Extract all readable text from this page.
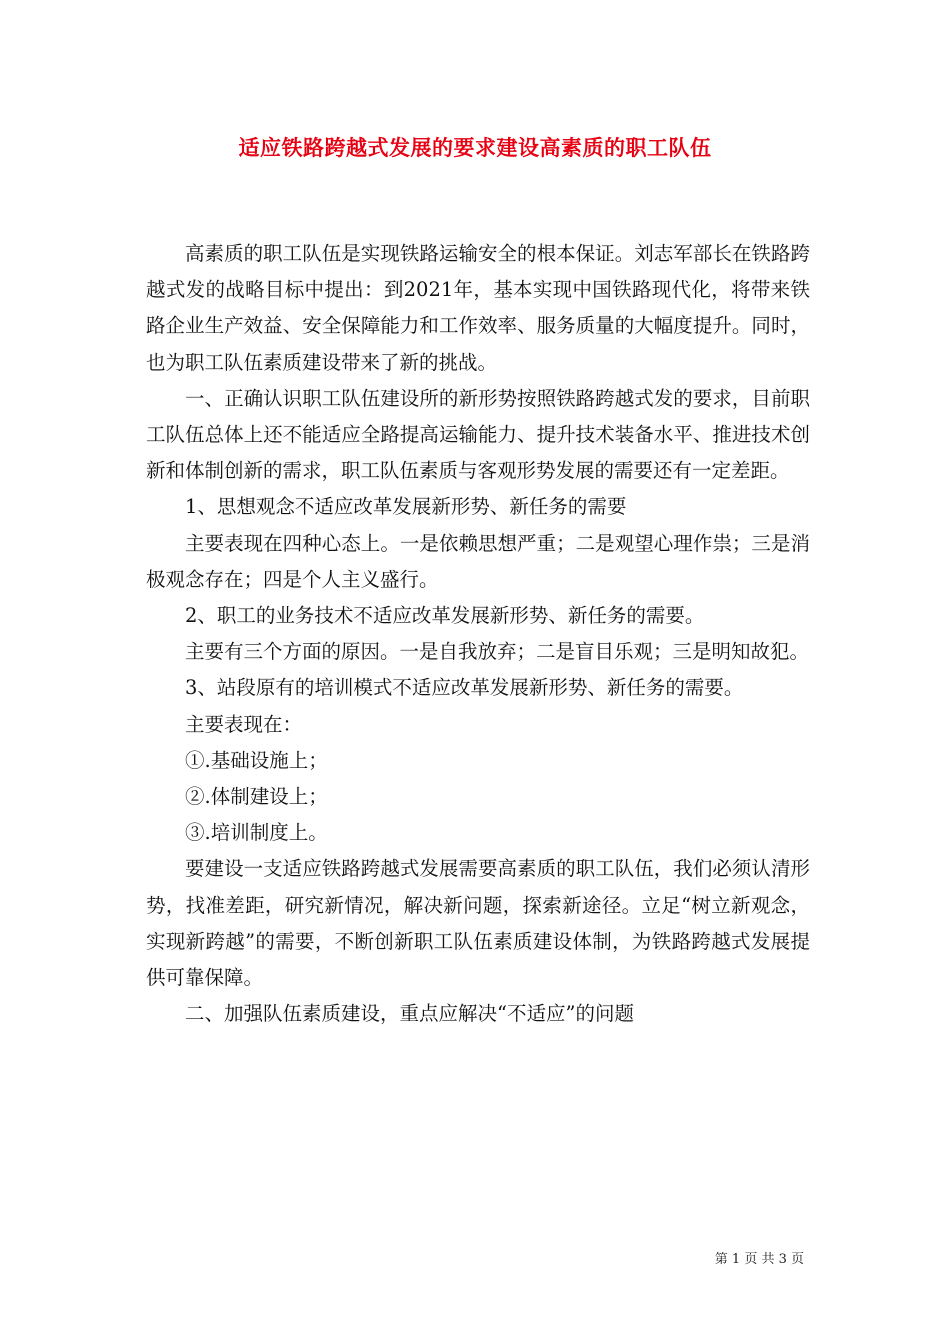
适应铁路跨越式发展的要求建设高素质的职工队伍

高素质的职工队伍是实现铁路运输安全的根本保证。刘志军部长在铁路跨越式发的战略目标中提出：到2021年，基本实现中国铁路现代化，将带来铁路企业生产效益、安全保障能力和工作效率、服务质量的大幅度提升。同时，也为职工队伍素质建设带来了新的挑战。

一、正确认识职工队伍建设所的新形势按照铁路跨越式发的要求，目前职工队伍总体上还不能适应全路提高运输能力、提升技术装备水平、推进技术创新和体制创新的需求，职工队伍素质与客观形势发展的需要还有一定差距。

1、思想观念不适应改革发展新形势、新任务的需要

主要表现在四种心态上。一是依赖思想严重；二是观望心理作祟；三是消极观念存在；四是个人主义盛行。

2、职工的业务技术不适应改革发展新形势、新任务的需要。

主要有三个方面的原因。一是自我放弃；二是盲目乐观；三是明知故犯。

3、站段原有的培训模式不适应改革发展新形势、新任务的需要。

主要表现在：

①.基础设施上；

②.体制建设上；

③.培训制度上。

要建设一支适应铁路跨越式发展需要高素质的职工队伍，我们必须认清形势，找准差距，研究新情况，解决新问题，探索新途径。立足“树立新观念，实现新跨越”的需要，不断创新职工队伍素质建设体制，为铁路跨越式发展提供可靠保障。

二、加强队伍素质建设，重点应解决“不适应”的问题

第 1 页 共 3 页
